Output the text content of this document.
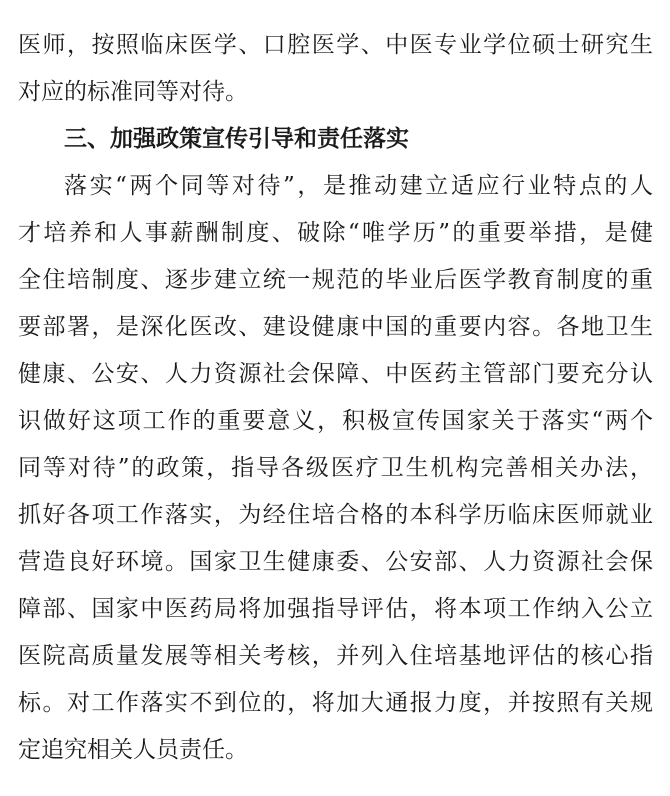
医师，按照临床医学、口腔医学、中医专业学位硕士研究生
对应的标准同等对待。
三、加强政策宣传引导和责任落实
落实“两个同等对待”，是推动建立适应行业特点的人
才培养和人事薪酬制度、破除“唯学历”的重要举措，是健
全住培制度、逐步建立统一规范的毕业后医学教育制度的重
要部署，是深化医改、建设健康中国的重要内容。各地卫生
健康、公安、人力资源社会保障、中医药主管部门要充分认
识做好这项工作的重要意义，积极宣传国家关于落实“两个
同等对待”的政策，指导各级医疗卫生机构完善相关办法，
抓好各项工作落实，为经住培合格的本科学历临床医师就业
营造良好环境。国家卫生健康委、公安部、人力资源社会保
障部、国家中医药局将加强指导评估，将本项工作纳入公立
医院高质量发展等相关考核，并列入住培基地评估的核心指
标。对工作落实不到位的，将加大通报力度，并按照有关规
定追究相关人员责任。
